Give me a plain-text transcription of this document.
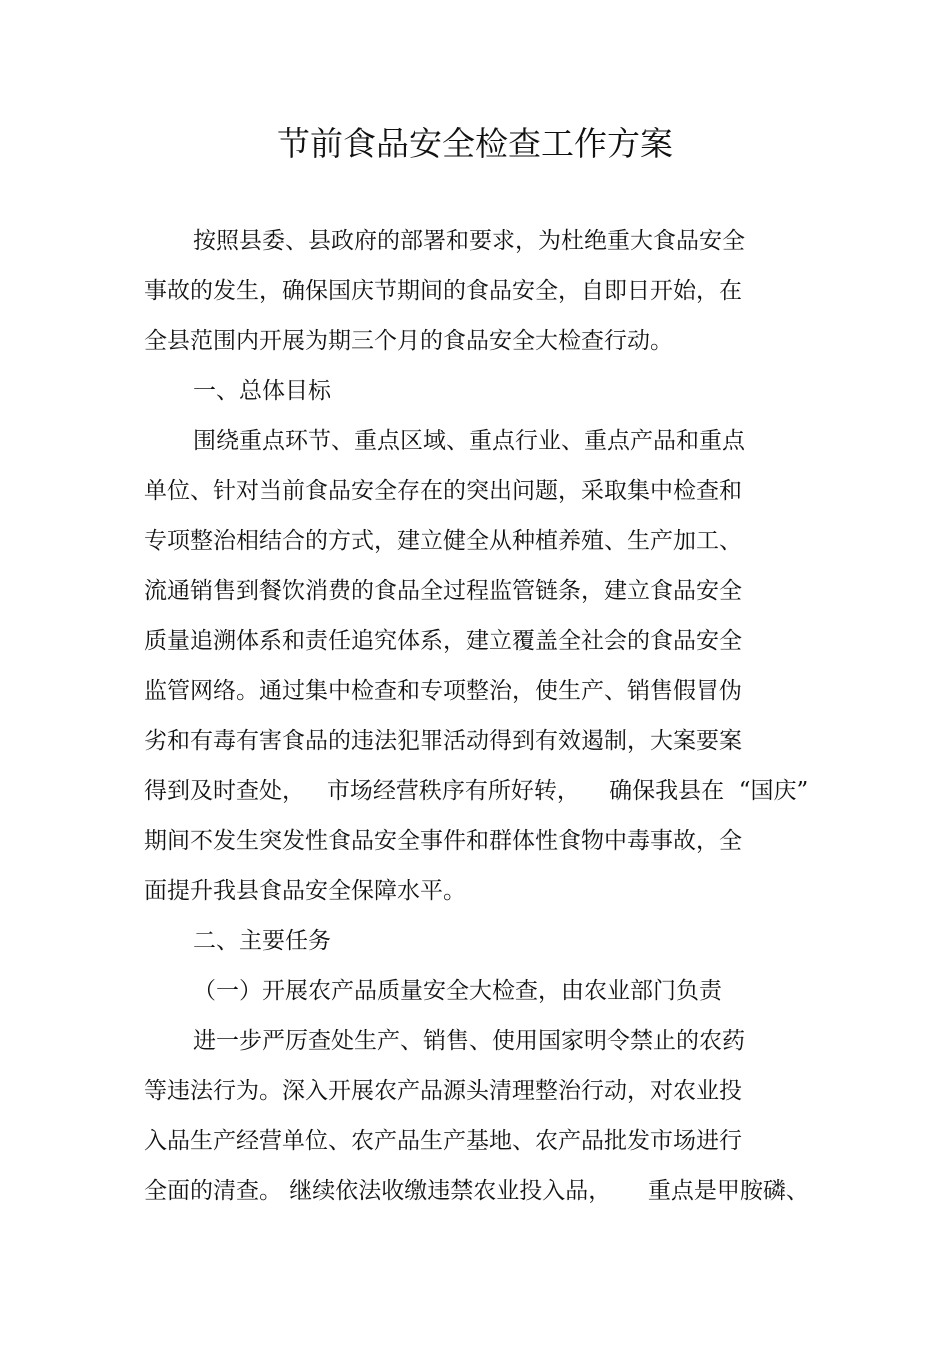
节前食品安全检查工作方案
按照县委、县政府的部署和要求，为杜绝重大食品安全
事故的发生，确保国庆节期间的食品安全，自即日开始，在
全县范围内开展为期三个月的食品安全大检查行动。
一、总体目标
围绕重点环节、重点区域、重点行业、重点产品和重点
单位、针对当前食品安全存在的突出问题，采取集中检查和
专项整治相结合的方式，建立健全从种植养殖、生产加工、
流通销售到餐饮消费的食品全过程监管链条，建立食品安全
质量追溯体系和责任追究体系，建立覆盖全社会的食品安全
监管网络。通过集中检查和专项整治，使生产、销售假冒伪
劣和有毒有害食品的违法犯罪活动得到有效遏制，大案要案
得到及时查处，   市场经营秩序有所好转，    确保我县在  “国庆”
期间不发生突发性食品安全事件和群体性食物中毒事故，全
面提升我县食品安全保障水平。
二、主要任务
（一）开展农产品质量安全大检查，由农业部门负责
进一步严厉查处生产、销售、使用国家明令禁止的农药
等违法行为。深入开展农产品源头清理整治行动，对农业投
入品生产经营单位、农产品生产基地、农产品批发市场进行
全面的清查。 继续依法收缴违禁农业投入品，     重点是甲胺磷、
